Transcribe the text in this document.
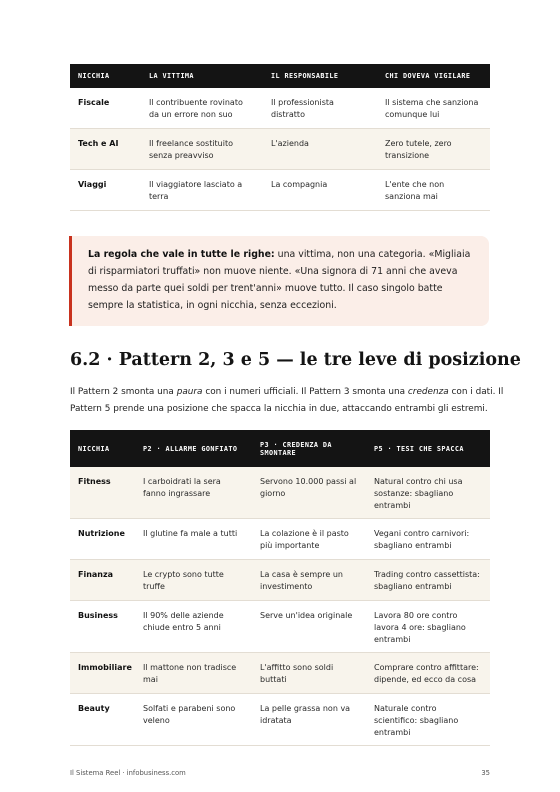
NICCHIA	LA VITTIMA	IL RESPONSABILE	CHI DOVEVA VIGILARE
Fiscale	Il contribuente rovinato da un errore non suo	Il professionista distratto	Il sistema che sanziona comunque lui
Tech e AI	Il freelance sostituito senza preavviso	L'azienda	Zero tutele, zero transizione
Viaggi	Il viaggiatore lasciato a terra	La compagnia	L'ente che non sanziona mai
La regola che vale in tutte le righe: una vittima, non una categoria. «Migliaia di risparmiatori truffati» non muove niente. «Una signora di 71 anni che aveva messo da parte quei soldi per trent'anni» muove tutto. Il caso singolo batte sempre la statistica, in ogni nicchia, senza eccezioni.
6.2 · Pattern 2, 3 e 5 — le tre leve di posizione

Il Pattern 2 smonta una paura con i numeri ufficiali. Il Pattern 3 smonta una credenza con i dati. Il Pattern 5 prende una posizione che spacca la nicchia in due, attaccando entrambi gli estremi.

NICCHIA	P2 · ALLARME GONFIATO	P3 · CREDENZA DA SMONTARE	P5 · TESI CHE SPACCA
Fitness	I carboidrati la sera fanno ingrassare	Servono 10.000 passi al giorno	Natural contro chi usa sostanze: sbagliano entrambi
Nutrizione	Il glutine fa male a tutti	La colazione è il pasto più importante	Vegani contro carnivori: sbagliano entrambi
Finanza	Le crypto sono tutte truffe	La casa è sempre un investimento	Trading contro cassettista: sbagliano entrambi
Business	Il 90% delle aziende chiude entro 5 anni	Serve un'idea originale	Lavora 80 ore contro lavora 4 ore: sbagliano entrambi
Immobiliare	Il mattone non tradisce mai	L'affitto sono soldi buttati	Comprare contro affittare: dipende, ed ecco da cosa
Beauty	Solfati e parabeni sono veleno	La pelle grassa non va idratata	Naturale contro scientifico: sbagliano entrambi
Il Sistema Reel · infobusiness.com	35
